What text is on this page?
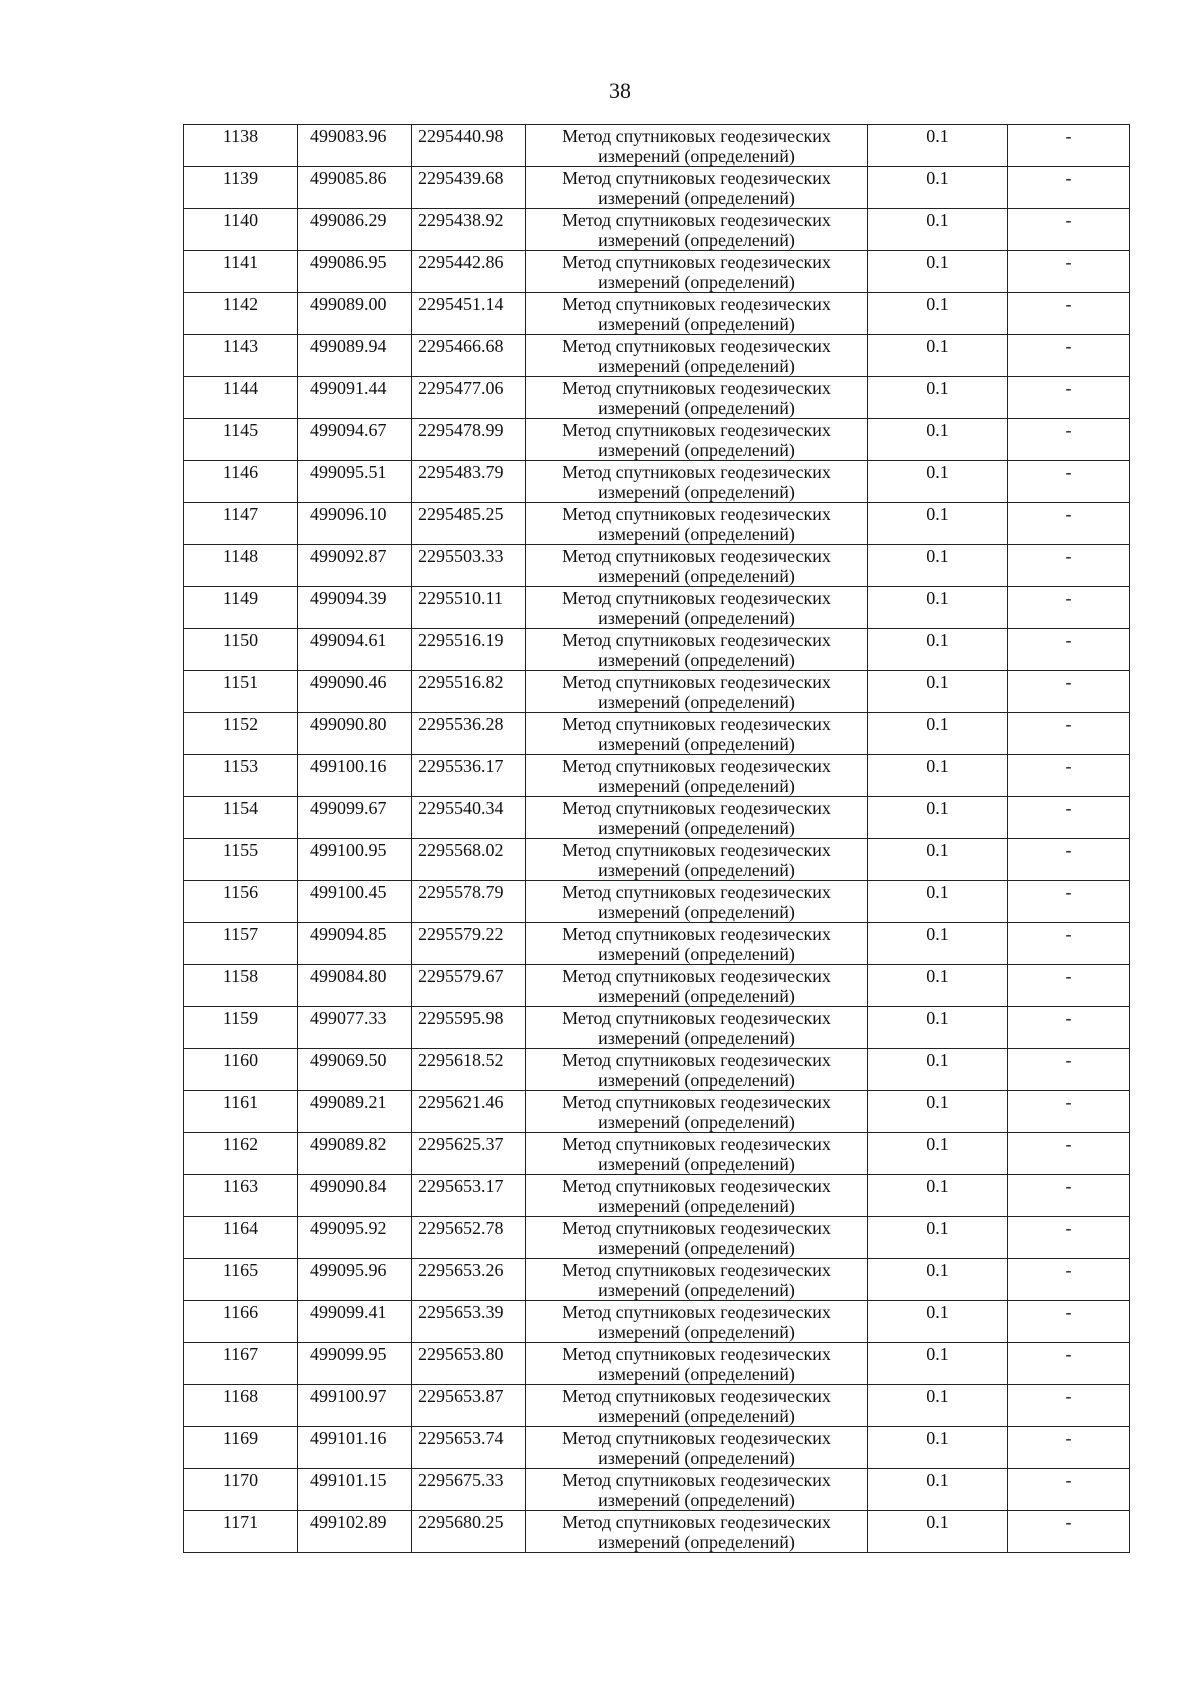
38
1138	499083.96	2295440.98	Метод спутниковых геодезических
измерений (определений)	0.1	-
1139	499085.86	2295439.68	Метод спутниковых геодезических
измерений (определений)	0.1	-
1140	499086.29	2295438.92	Метод спутниковых геодезических
измерений (определений)	0.1	-
1141	499086.95	2295442.86	Метод спутниковых геодезических
измерений (определений)	0.1	-
1142	499089.00	2295451.14	Метод спутниковых геодезических
измерений (определений)	0.1	-
1143	499089.94	2295466.68	Метод спутниковых геодезических
измерений (определений)	0.1	-
1144	499091.44	2295477.06	Метод спутниковых геодезических
измерений (определений)	0.1	-
1145	499094.67	2295478.99	Метод спутниковых геодезических
измерений (определений)	0.1	-
1146	499095.51	2295483.79	Метод спутниковых геодезических
измерений (определений)	0.1	-
1147	499096.10	2295485.25	Метод спутниковых геодезических
измерений (определений)	0.1	-
1148	499092.87	2295503.33	Метод спутниковых геодезических
измерений (определений)	0.1	-
1149	499094.39	2295510.11	Метод спутниковых геодезических
измерений (определений)	0.1	-
1150	499094.61	2295516.19	Метод спутниковых геодезических
измерений (определений)	0.1	-
1151	499090.46	2295516.82	Метод спутниковых геодезических
измерений (определений)	0.1	-
1152	499090.80	2295536.28	Метод спутниковых геодезических
измерений (определений)	0.1	-
1153	499100.16	2295536.17	Метод спутниковых геодезических
измерений (определений)	0.1	-
1154	499099.67	2295540.34	Метод спутниковых геодезических
измерений (определений)	0.1	-
1155	499100.95	2295568.02	Метод спутниковых геодезических
измерений (определений)	0.1	-
1156	499100.45	2295578.79	Метод спутниковых геодезических
измерений (определений)	0.1	-
1157	499094.85	2295579.22	Метод спутниковых геодезических
измерений (определений)	0.1	-
1158	499084.80	2295579.67	Метод спутниковых геодезических
измерений (определений)	0.1	-
1159	499077.33	2295595.98	Метод спутниковых геодезических
измерений (определений)	0.1	-
1160	499069.50	2295618.52	Метод спутниковых геодезических
измерений (определений)	0.1	-
1161	499089.21	2295621.46	Метод спутниковых геодезических
измерений (определений)	0.1	-
1162	499089.82	2295625.37	Метод спутниковых геодезических
измерений (определений)	0.1	-
1163	499090.84	2295653.17	Метод спутниковых геодезических
измерений (определений)	0.1	-
1164	499095.92	2295652.78	Метод спутниковых геодезических
измерений (определений)	0.1	-
1165	499095.96	2295653.26	Метод спутниковых геодезических
измерений (определений)	0.1	-
1166	499099.41	2295653.39	Метод спутниковых геодезических
измерений (определений)	0.1	-
1167	499099.95	2295653.80	Метод спутниковых геодезических
измерений (определений)	0.1	-
1168	499100.97	2295653.87	Метод спутниковых геодезических
измерений (определений)	0.1	-
1169	499101.16	2295653.74	Метод спутниковых геодезических
измерений (определений)	0.1	-
1170	499101.15	2295675.33	Метод спутниковых геодезических
измерений (определений)	0.1	-
1171	499102.89	2295680.25	Метод спутниковых геодезических
измерений (определений)	0.1	-
